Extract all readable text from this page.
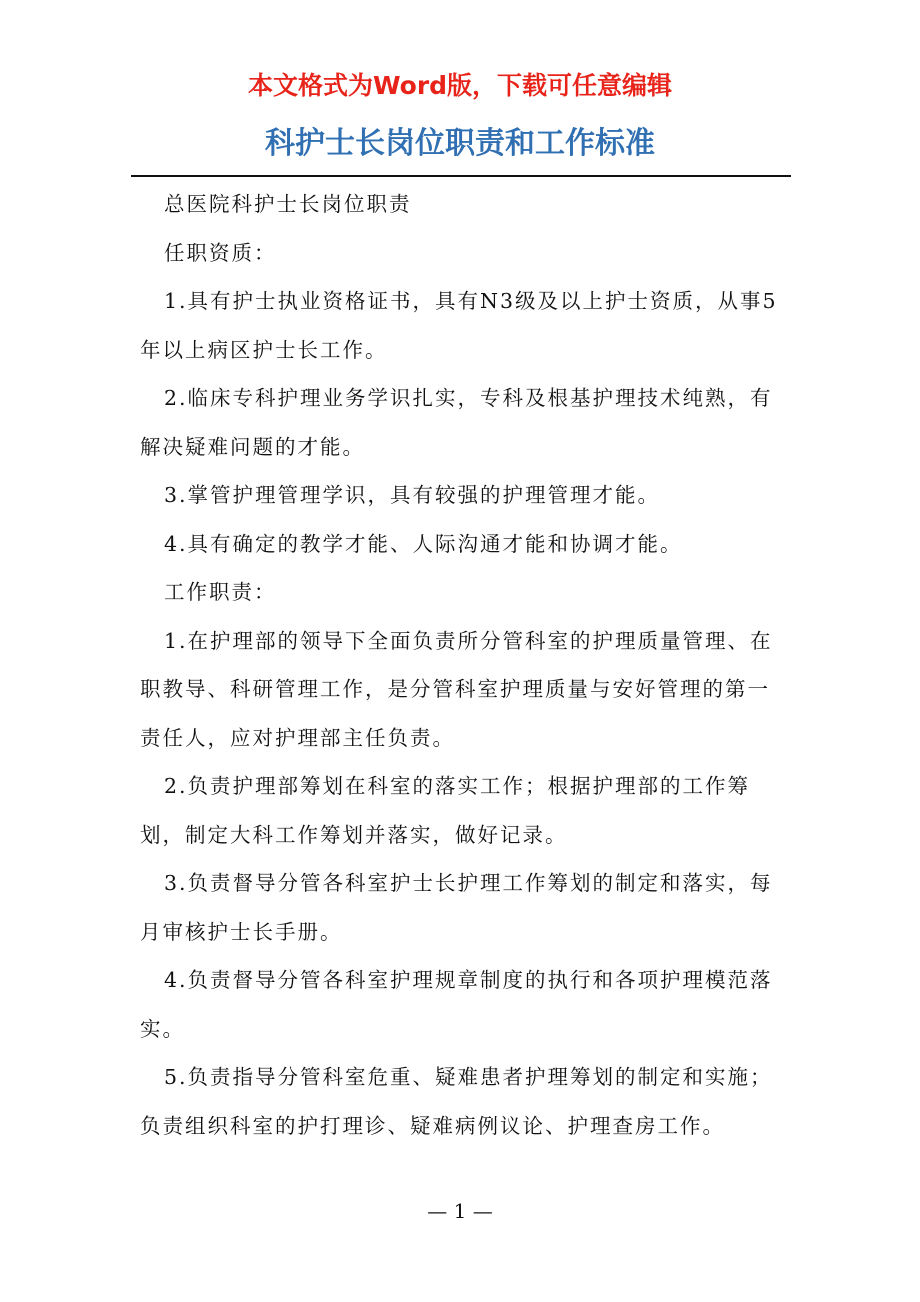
本文格式为Word版，下载可任意编辑
科护士长岗位职责和工作标准

总医院科护士长岗位职责

任职资质：

1.具有护士执业资格证书，具有N3级及以上护士资质，从事5年以上病区护士长工作。

2.临床专科护理业务学识扎实，专科及根基护理技术纯熟，有解决疑难问题的才能。

3.掌管护理管理学识，具有较强的护理管理才能。

4.具有确定的教学才能、人际沟通才能和协调才能。

工作职责：

1.在护理部的领导下全面负责所分管科室的护理质量管理、在职教导、科研管理工作，是分管科室护理质量与安好管理的第一责任人，应对护理部主任负责。

2.负责护理部筹划在科室的落实工作；根据护理部的工作筹划，制定大科工作筹划并落实，做好记录。

3.负责督导分管各科室护士长护理工作筹划的制定和落实，每月审核护士长手册。

4.负责督导分管各科室护理规章制度的执行和各项护理模范落实。

5.负责指导分管科室危重、疑难患者护理筹划的制定和实施；负责组织科室的护打理诊、疑难病例议论、护理查房工作。

— 1 —
